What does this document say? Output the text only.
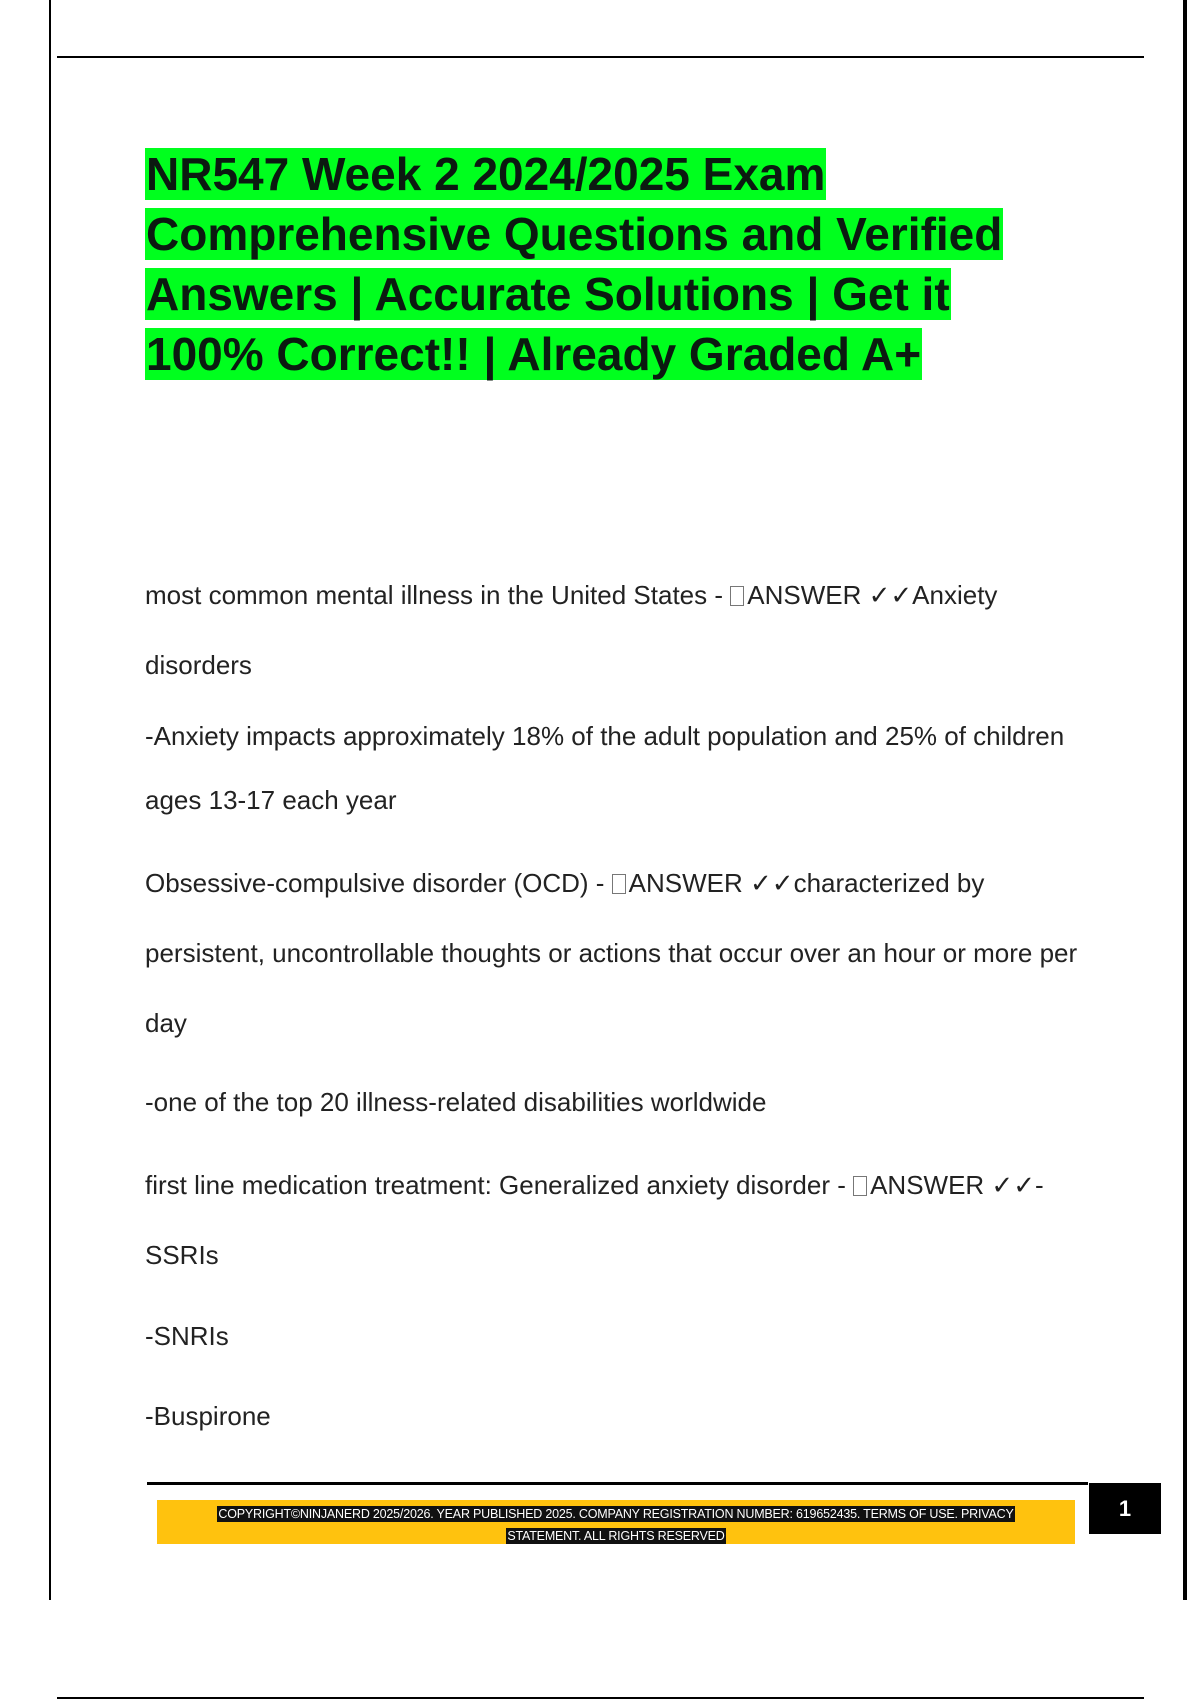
NR547 Week 2 2024/2025 Exam
Comprehensive Questions and Verified
Answers | Accurate Solutions | Get it
100% Correct!! | Already Graded A+

most common mental illness in the United States - ANSWER ✓✓Anxiety disorders

-Anxiety impacts approximately 18% of the adult population and 25% of children ages 13-17 each year

Obsessive-compulsive disorder (OCD) - ANSWER ✓✓characterized by persistent, uncontrollable thoughts or actions that occur over an hour or more per day

-one of the top 20 illness-related disabilities worldwide

first line medication treatment: Generalized anxiety disorder - ANSWER ✓✓-SSRIs

-SNRIs

-Buspirone

COPYRIGHT©NINJANERD 2025/2026. YEAR PUBLISHED 2025. COMPANY REGISTRATION NUMBER: 619652435. TERMS OF USE. PRIVACY
STATEMENT. ALL RIGHTS RESERVED
1
